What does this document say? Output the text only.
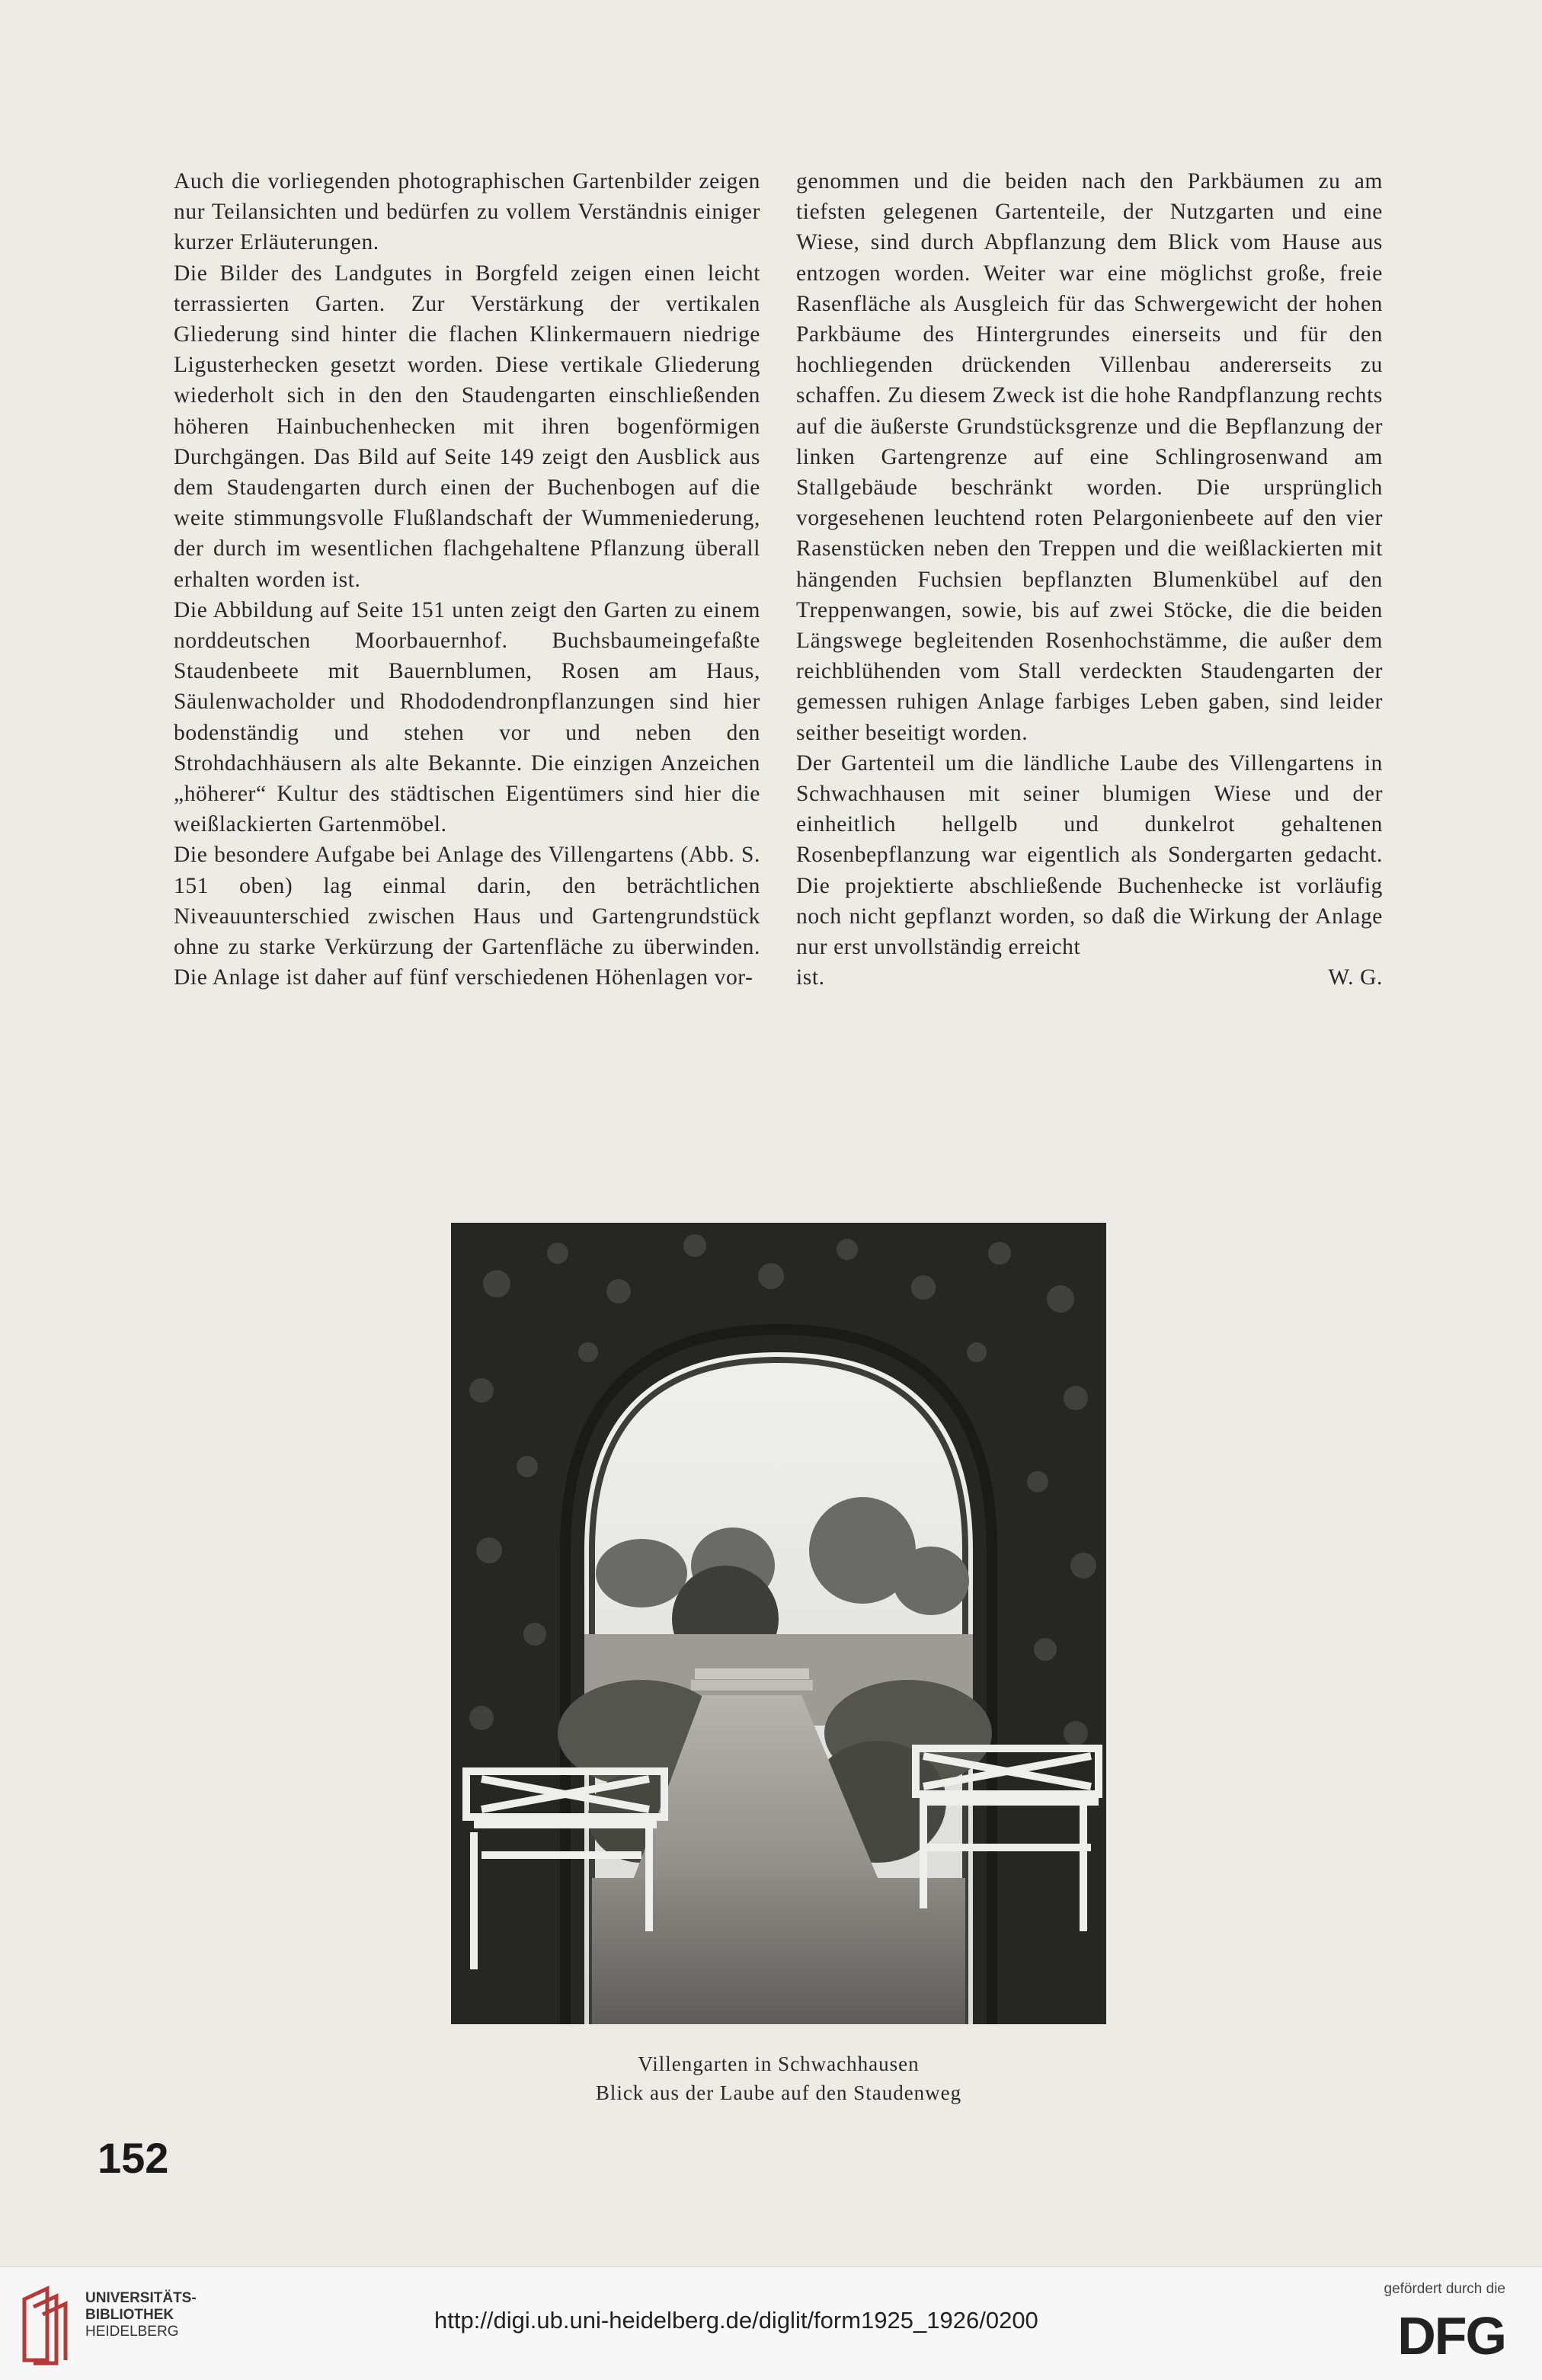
Auch die vorliegenden photographischen Gartenbilder zeigen nur Teilansichten und bedürfen zu vollem Verständnis einiger kurzer Erläuterungen.

Die Bilder des Landgutes in Borgfeld zeigen einen leicht terrassierten Garten. Zur Verstärkung der vertikalen Gliederung sind hinter die flachen Klinkermauern niedrige Ligusterhecken gesetzt worden. Diese vertikale Gliederung wiederholt sich in den den Staudengarten einschließenden höheren Hainbuchenhecken mit ihren bogenförmigen Durchgängen. Das Bild auf Seite 149 zeigt den Ausblick aus dem Staudengarten durch einen der Buchenbogen auf die weite stimmungsvolle Flußlandschaft der Wummeniederung, der durch im wesentlichen flachgehaltene Pflanzung überall erhalten worden ist.

Die Abbildung auf Seite 151 unten zeigt den Garten zu einem norddeutschen Moorbauernhof. Buchsbaumeingefaßte Staudenbeete mit Bauernblumen, Rosen am Haus, Säulenwacholder und Rhododendronpflanzungen sind hier bodenständig und stehen vor und neben den Strohdachhäusern als alte Bekannte. Die einzigen Anzeichen „höherer“ Kultur des städtischen Eigentümers sind hier die weißlackierten Gartenmöbel.

Die besondere Aufgabe bei Anlage des Villengartens (Abb. S. 151 oben) lag einmal darin, den beträchtlichen Niveauunterschied zwischen Haus und Gartengrundstück ohne zu starke Verkürzung der Gartenfläche zu überwinden. Die Anlage ist daher auf fünf verschiedenen Höhenlagen vor-

genommen und die beiden nach den Parkbäumen zu am tiefsten gelegenen Gartenteile, der Nutzgarten und eine Wiese, sind durch Abpflanzung dem Blick vom Hause aus entzogen worden. Weiter war eine möglichst große, freie Rasenfläche als Ausgleich für das Schwergewicht der hohen Parkbäume des Hintergrundes einerseits und für den hochliegenden drückenden Villenbau andererseits zu schaffen. Zu diesem Zweck ist die hohe Randpflanzung rechts auf die äußerste Grundstücksgrenze und die Bepflanzung der linken Gartengrenze auf eine Schlingrosenwand am Stallgebäude beschränkt worden. Die ursprünglich vorgesehenen leuchtend roten Pelargonienbeete auf den vier Rasenstücken neben den Treppen und die weißlackierten mit hängenden Fuchsien bepflanzten Blumenkübel auf den Treppenwangen, sowie, bis auf zwei Stöcke, die die beiden Längswege begleitenden Rosenhochstämme, die außer dem reichblühenden vom Stall verdeckten Staudengarten der gemessen ruhigen Anlage farbiges Leben gaben, sind leider seither beseitigt worden.

Der Gartenteil um die ländliche Laube des Villengartens in Schwachhausen mit seiner blumigen Wiese und der einheitlich hellgelb und dunkelrot gehaltenen Rosenbepflanzung war eigentlich als Sondergarten gedacht. Die projektierte abschließende Buchenhecke ist vorläufig noch nicht gepflanzt worden, so daß die Wirkung der Anlage nur erst unvollständig erreicht

ist.	W. G.
Villengarten in Schwachhausen
Blick aus der Laube auf den Staudenweg
152
UNIVERSITÄTS-
BIBLIOTHEK
HEIDELBERG	http://digi.ub.uni-heidelberg.de/diglit/form1925_1926/0200
gefördert durch die
DFG
